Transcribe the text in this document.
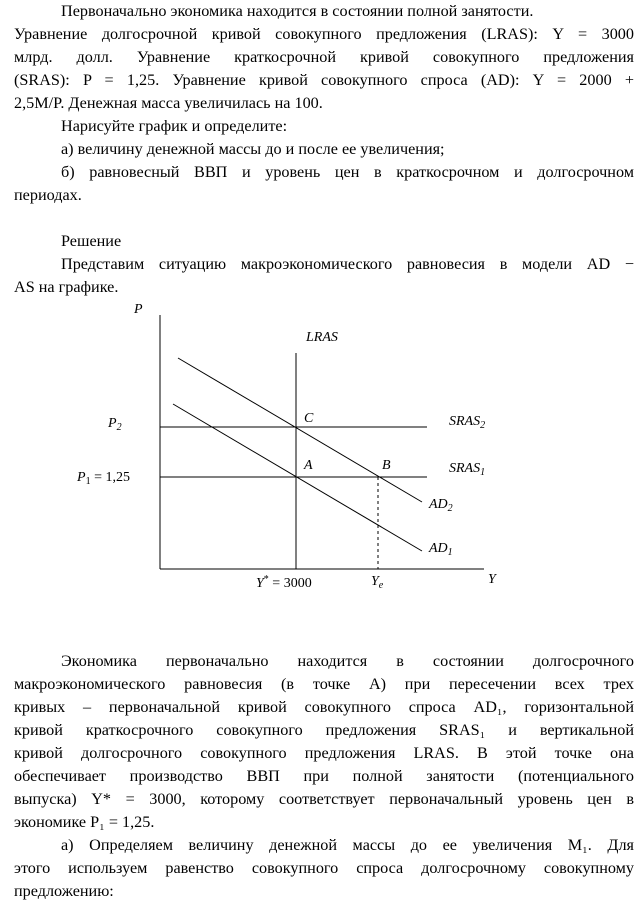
Первоначально экономика находится в состоянии полной занятости.
Уравнение долгосрочной кривой совокупного предложения (LRAS): Y = 3000
млрд. долл. Уравнение краткосрочной кривой совокупного предложения
(SRAS): P = 1,25. Уравнение кривой совокупного спроса (AD): Y = 2000 +
2,5M/P. Денежная масса увеличилась на 100.
Нарисуйте график и определите:
а) величину денежной массы до и после ее увеличения;
б) равновесный ВВП и уровень цен в краткосрочном и долгосрочном
периодах.
Решение
Представим ситуацию макроэкономического равновесия в модели AD −
AS на графике.
P
Y
LRAS
$P_2$
$P_1 = 1,25$
C
A	B
$SRAS_2$
$SRAS_1$
$AD_2$
$AD_1$
Y* = 3000	$Y_e$
Экономика первоначально находится в состоянии долгосрочного
макроэкономического равновесия (в точке A) при пересечении всех трех
кривых – первоначальной кривой совокупного спроса AD₁, горизонтальной
кривой краткосрочного совокупного предложения SRAS₁ и вертикальной
кривой долгосрочного совокупного предложения LRAS. В этой точке она
обеспечивает производство ВВП при полной занятости (потенциального
выпуска) Y* = 3000, которому соответствует первоначальный уровень цен в
экономике P₁ = 1,25.
а) Определяем величину денежной массы до ее увеличения M₁. Для
этого используем равенство совокупного спроса долгосрочному совокупному
предложению:
